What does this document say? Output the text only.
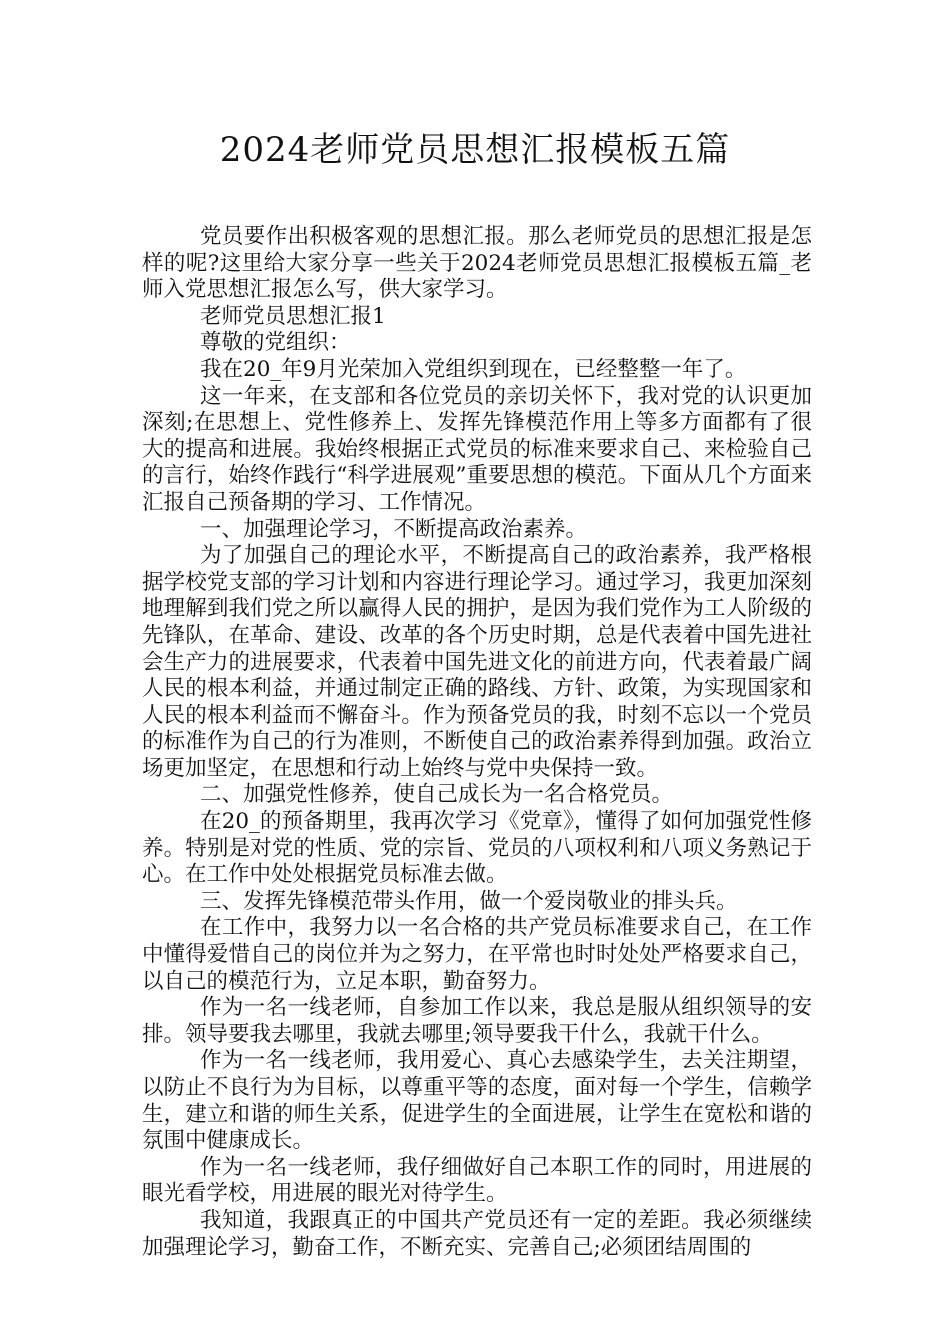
2024老师党员思想汇报模板五篇

党员要作出积极客观的思想汇报。那么老师党员的思想汇报是怎样的呢?这里给大家分享一些关于2024老师党员思想汇报模板五篇_老师入党思想汇报怎么写，供大家学习。

老师党员思想汇报1

尊敬的党组织：

我在20_年9月光荣加入党组织到现在，已经整整一年了。

这一年来，在支部和各位党员的亲切关怀下，我对党的认识更加深刻;在思想上、党性修养上、发挥先锋模范作用上等多方面都有了很大的提高和进展。我始终根据正式党员的标准来要求自己、来检验自己的言行，始终作践行“科学进展观”重要思想的模范。下面从几个方面来汇报自己预备期的学习、工作情况。

一、加强理论学习，不断提高政治素养。

为了加强自己的理论水平，不断提高自己的政治素养，我严格根据学校党支部的学习计划和内容进行理论学习。通过学习，我更加深刻地理解到我们党之所以赢得人民的拥护，是因为我们党作为工人阶级的先锋队，在革命、建设、改革的各个历史时期，总是代表着中国先进社会生产力的进展要求，代表着中国先进文化的前进方向，代表着最广阔人民的根本利益，并通过制定正确的路线、方针、政策，为实现国家和人民的根本利益而不懈奋斗。作为预备党员的我，时刻不忘以一个党员的标准作为自己的行为准则，不断使自己的政治素养得到加强。政治立场更加坚定，在思想和行动上始终与党中央保持一致。

二、加强党性修养，使自己成长为一名合格党员。

在20_的预备期里，我再次学习《党章》，懂得了如何加强党性修养。特别是对党的性质、党的宗旨、党员的八项权利和八项义务熟记于心。在工作中处处根据党员标准去做。

三、发挥先锋模范带头作用，做一个爱岗敬业的排头兵。

在工作中，我努力以一名合格的共产党员标准要求自己，在工作中懂得爱惜自己的岗位并为之努力，在平常也时时处处严格要求自己，以自己的模范行为，立足本职，勤奋努力。

作为一名一线老师，自参加工作以来，我总是服从组织领导的安排。领导要我去哪里，我就去哪里;领导要我干什么，我就干什么。

作为一名一线老师，我用爱心、真心去感染学生，去关注期望，以防止不良行为为目标，以尊重平等的态度，面对每一个学生，信赖学生，建立和谐的师生关系，促进学生的全面进展，让学生在宽松和谐的氛围中健康成长。

作为一名一线老师，我仔细做好自己本职工作的同时，用进展的眼光看学校，用进展的眼光对待学生。

我知道，我跟真正的中国共产党员还有一定的差距。我必须继续加强理论学习，勤奋工作，不断充实、完善自己;必须团结周围的
